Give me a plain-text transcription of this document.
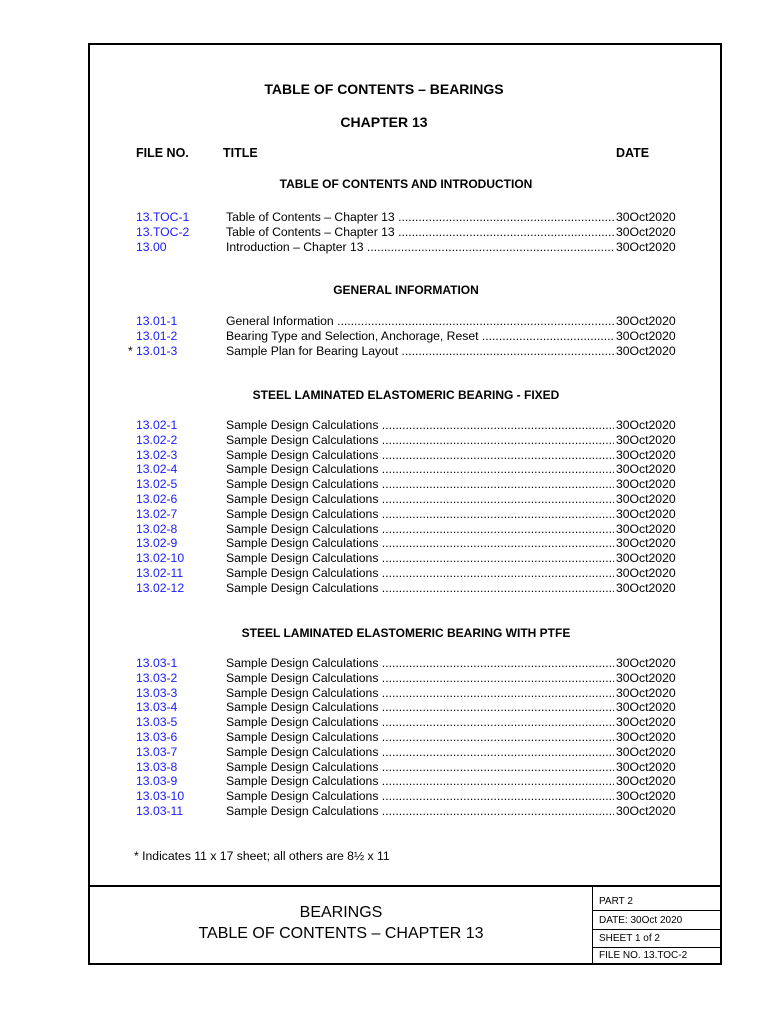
TABLE OF CONTENTS – BEARINGS
CHAPTER 13
FILE NO.	TITLE	DATE
TABLE OF CONTENTS AND INTRODUCTION
13.TOC-1	Table of Contents – Chapter 13 .....	30Oct2020
13.TOC-2	Table of Contents – Chapter 13 .....	30Oct2020
13.00	Introduction – Chapter 13 .....	30Oct2020
GENERAL INFORMATION
13.01-1	General Information .....	30Oct2020
13.01-2	Bearing Type and Selection, Anchorage, Reset .....	30Oct2020
* 13.01-3	Sample Plan for Bearing Layout .....	30Oct2020
STEEL LAMINATED ELASTOMERIC BEARING - FIXED
13.02-1	Sample Design Calculations .....	30Oct2020
13.02-2	Sample Design Calculations .....	30Oct2020
13.02-3	Sample Design Calculations .....	30Oct2020
13.02-4	Sample Design Calculations .....	30Oct2020
13.02-5	Sample Design Calculations .....	30Oct2020
13.02-6	Sample Design Calculations .....	30Oct2020
13.02-7	Sample Design Calculations .....	30Oct2020
13.02-8	Sample Design Calculations .....	30Oct2020
13.02-9	Sample Design Calculations .....	30Oct2020
13.02-10	Sample Design Calculations .....	30Oct2020
13.02-11	Sample Design Calculations .....	30Oct2020
13.02-12	Sample Design Calculations .....	30Oct2020
STEEL LAMINATED ELASTOMERIC BEARING WITH PTFE
13.03-1	Sample Design Calculations .....	30Oct2020
13.03-2	Sample Design Calculations .....	30Oct2020
13.03-3	Sample Design Calculations .....	30Oct2020
13.03-4	Sample Design Calculations .....	30Oct2020
13.03-5	Sample Design Calculations .....	30Oct2020
13.03-6	Sample Design Calculations .....	30Oct2020
13.03-7	Sample Design Calculations .....	30Oct2020
13.03-8	Sample Design Calculations .....	30Oct2020
13.03-9	Sample Design Calculations .....	30Oct2020
13.03-10	Sample Design Calculations .....	30Oct2020
13.03-11	Sample Design Calculations .....	30Oct2020
* Indicates 11 x 17 sheet; all others are 8½ x 11
BEARINGS
TABLE OF CONTENTS – CHAPTER 13
PART 2
DATE: 30Oct 2020
SHEET 1 of 2
FILE NO. 13.TOC-2
